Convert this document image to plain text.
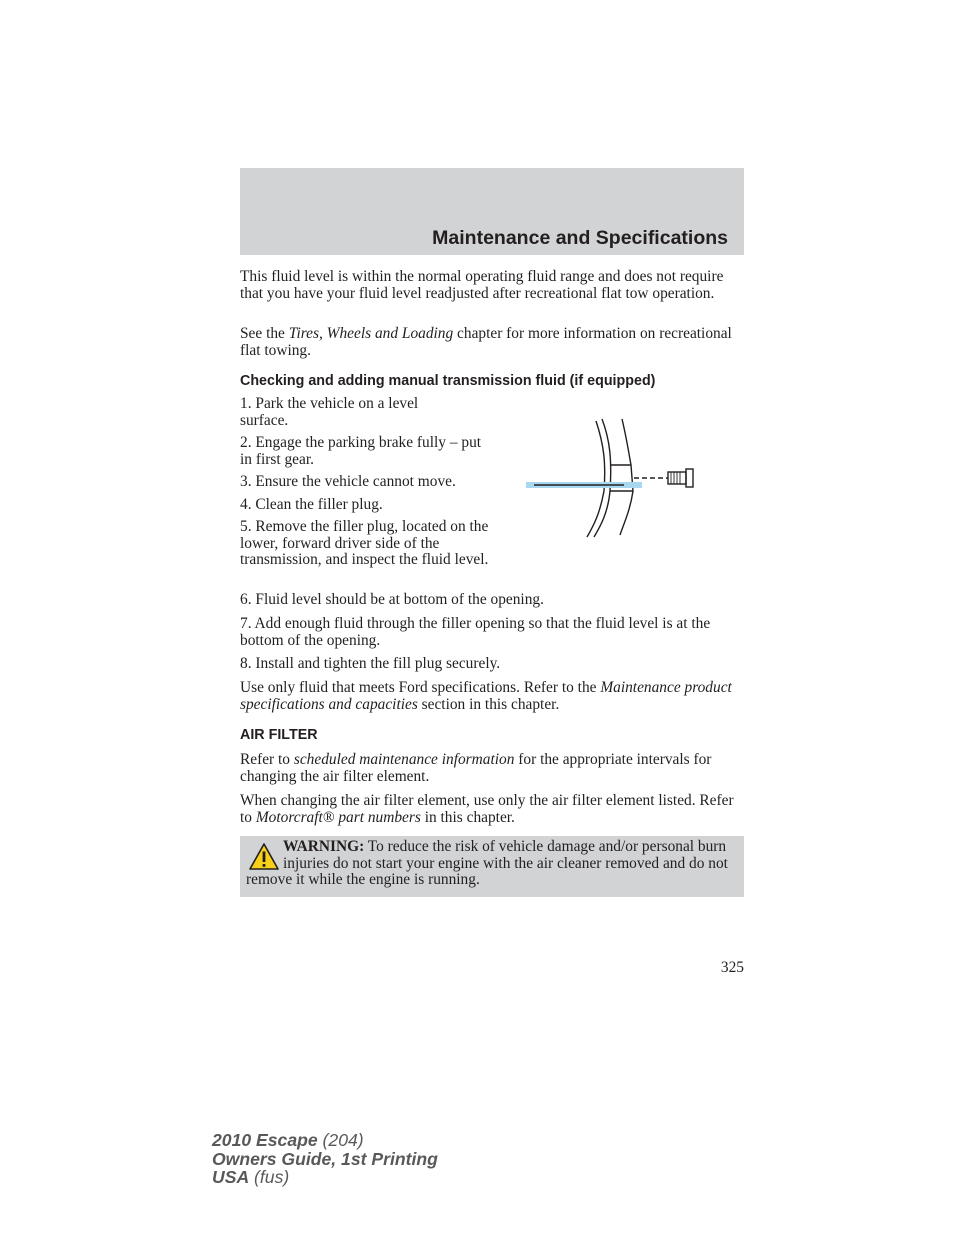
Maintenance and Specifications

This fluid level is within the normal operating fluid range and does not require that you have your fluid level readjusted after recreational flat tow operation.

See the Tires, Wheels and Loading chapter for more information on recreational flat towing.

Checking and adding manual transmission fluid (if equipped)

1. Park the vehicle on a level surface.

2. Engage the parking brake fully – put in first gear.

3. Ensure the vehicle cannot move.

4. Clean the filler plug.

5. Remove the filler plug, located on the lower, forward driver side of the transmission, and inspect the fluid level.

6. Fluid level should be at bottom of the opening.

7. Add enough fluid through the filler opening so that the fluid level is at the bottom of the opening.

8. Install and tighten the fill plug securely.

Use only fluid that meets Ford specifications. Refer to the Maintenance product specifications and capacities section in this chapter.

AIR FILTER

Refer to scheduled maintenance information for the appropriate intervals for changing the air filter element.

When changing the air filter element, use only the air filter element listed. Refer to Motorcraft® part numbers in this chapter.

WARNING: To reduce the risk of vehicle damage and/or personal burn injuries do not start your engine with the air cleaner removed and do not remove it while the engine is running.

325
2010 Escape (204)
Owners Guide, 1st Printing
USA (fus)
